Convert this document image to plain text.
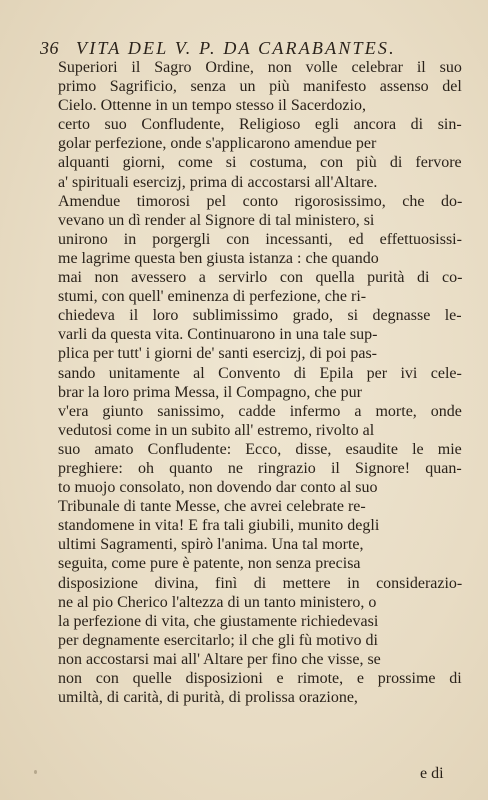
36 VITA DEL V. P. DA CARABANTES.
Superiori il Sagro Ordine, non volle celebrar il suo
primo Sagrificio, senza un più manifesto assenso del
Cielo. Ottenne in un tempo stesso il Sacerdozio,
certo suo Confludente, Religioso egli ancora di sin-
golar perfezione, onde s'applicarono amendue per
alquanti giorni, come si costuma, con più di fervore
a' spirituali esercizj, prima di accostarsi all'Altare.
Amendue timorosi pel conto rigorosissimo, che do-
vevano un dì render al Signore di tal ministero, si
unirono in porgergli con incessanti, ed effettuosissi-
me lagrime questa ben giusta istanza : che quando
mai non avessero a servirlo con quella purità di co-
stumi, con quell' eminenza di perfezione, che ri-
chiedeva il loro sublimissimo grado, si degnasse le-
varli da questa vita. Continuarono in una tale sup-
plica per tutt' i giorni de' santi esercizj, di poi pas-
sando unitamente al Convento di Epila per ivi cele-
brar la loro prima Messa, il Compagno, che pur
v'era giunto sanissimo, cadde infermo a morte, onde
vedutosi come in un subito all' estremo, rivolto al
suo amato Confludente: Ecco, disse, esaudite le mie
preghiere: oh quanto ne ringrazio il Signore! quan-
to muojo consolato, non dovendo dar conto al suo
Tribunale di tante Messe, che avrei celebrate re-
standomene in vita! E fra tali giubili, munito degli
ultimi Sagramenti, spirò l'anima. Una tal morte,
seguita, come pure è patente, non senza precisa
disposizione divina, finì di mettere in considerazio-
ne al pio Cherico l'altezza di un tanto ministero, o
la perfezione di vita, che giustamente richiedevasi
per degnamente esercitarlo; il che gli fù motivo di
non accostarsi mai all' Altare per fino che visse, se
non con quelle disposizioni e rimote, e prossime di
umiltà, di carità, di purità, di prolissa orazione,
e di
